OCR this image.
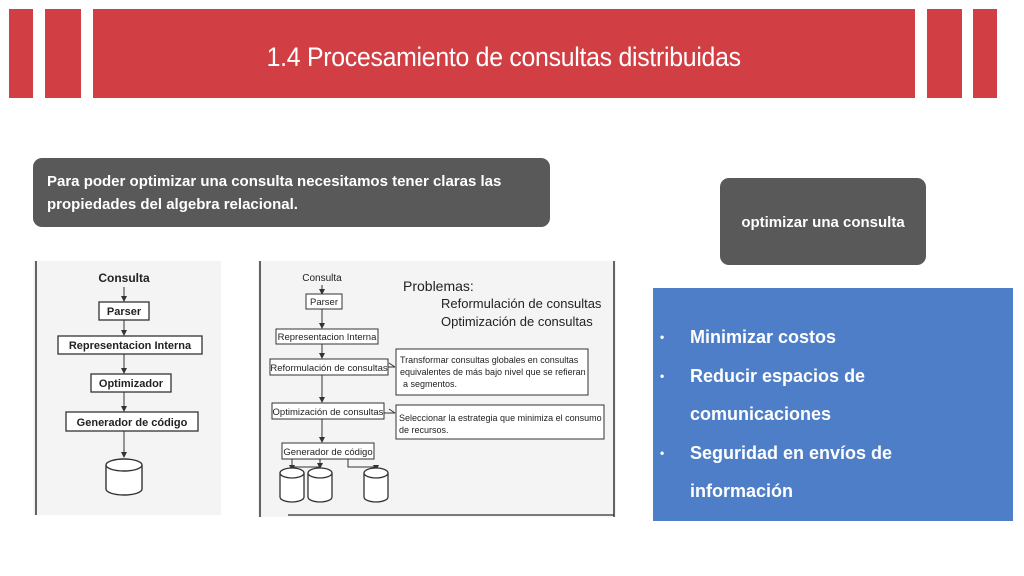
1.4 Procesamiento de consultas distribuidas
Para poder optimizar una consulta necesitamos tener claras las propiedades del algebra relacional.
optimizar una consulta
• Minimizar costos
• Reducir espacios de comunicaciones
• Seguridad en envíos de información
Consulta
Parser
Representacion Interna
Optimizador
Generador de código
Consulta
Parser
Representacion Interna
Reformulación de consultas
Optimización de consultas
Generador de código
Problemas:
Reformulación de consultas
Optimización de consultas
Transformar consultas globales en consultas
equivalentes de más bajo nivel que se refieran
a segmentos.
Seleccionar la estrategia que minimiza el consumo
de recursos.
